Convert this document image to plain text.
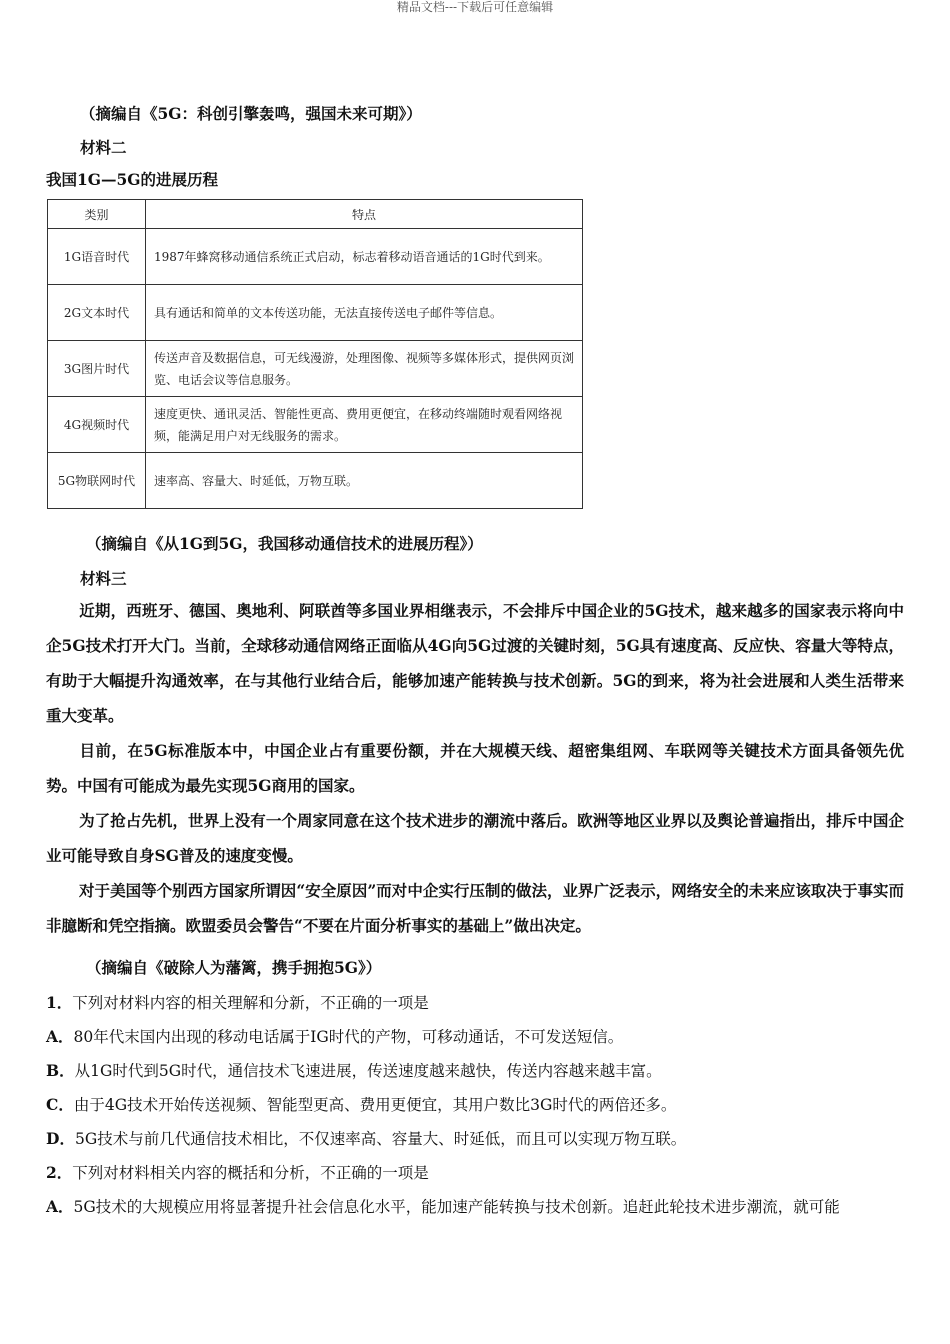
精品文档---下载后可任意编辑
（摘编自《5G：科创引擎轰鸣，强国未来可期》）
材料二
我国1G—5G的进展历程
类别	特点
1G语音时代	1987年蜂窝移动通信系统正式启动，标志着移动语音通话的1G时代到来。
2G文本时代	具有通话和简单的文本传送功能，无法直接传送电子邮件等信息。
3G图片时代	传送声音及数据信息，可无线漫游，处理图像、视频等多媒体形式，提供网页浏览、电话会议等信息服务。
4G视频时代	速度更快、通讯灵活、智能性更高、费用更便宜，在移动终端随时观看网络视频，能满足用户对无线服务的需求。
5G物联网时代	速率高、容量大、时延低，万物互联。
（摘编自《从1G到5G，我国移动通信技术的进展历程》）
材料三
近期，西班牙、德国、奥地利、阿联酋等多国业界相继表示，不会排斥中国企业的5G技术，越来越多的国家表示将向中企5G技术打开大门。当前，全球移动通信网络正面临从4G向5G过渡的关键时刻，5G具有速度高、反应快、容量大等特点，有助于大幅提升沟通效率，在与其他行业结合后，能够加速产能转换与技术创新。5G的到来，将为社会进展和人类生活带来重大变革。
目前，在5G标准版本中，中国企业占有重要份额，并在大规模天线、超密集组网、车联网等关键技术方面具备领先优势。中国有可能成为最先实现5G商用的国家。
为了抢占先机，世界上没有一个周家同意在这个技术进步的潮流中落后。欧洲等地区业界以及舆论普遍指出，排斥中国企业可能导致自身SG普及的速度变慢。
对于美国等个别西方国家所谓因“安全原因”而对中企实行压制的做法，业界广泛表示，网络安全的未来应该取决于事实而非臆断和凭空指摘。欧盟委员会警告“不要在片面分析事实的基础上”做出决定。
（摘编自《破除人为藩篱，携手拥抱5G》）
1．下列对材料内容的相关理解和分新，不正确的一项是
A．80年代末国内出现的移动电话属于IG时代的产物，可移动通话，不可发送短信。
B．从1G时代到5G时代，通信技术飞速进展，传送速度越来越快，传送内容越来越丰富。
C．由于4G技术开始传送视频、智能型更高、费用更便宜，其用户数比3G时代的两倍还多。
D．5G技术与前几代通信技术相比，不仅速率高、容量大、时延低，而且可以实现万物互联。
2．下列对材料相关内容的概括和分析，不正确的一项是
A．5G技术的大规模应用将显著提升社会信息化水平，能加速产能转换与技术创新。追赶此轮技术进步潮流，就可能
